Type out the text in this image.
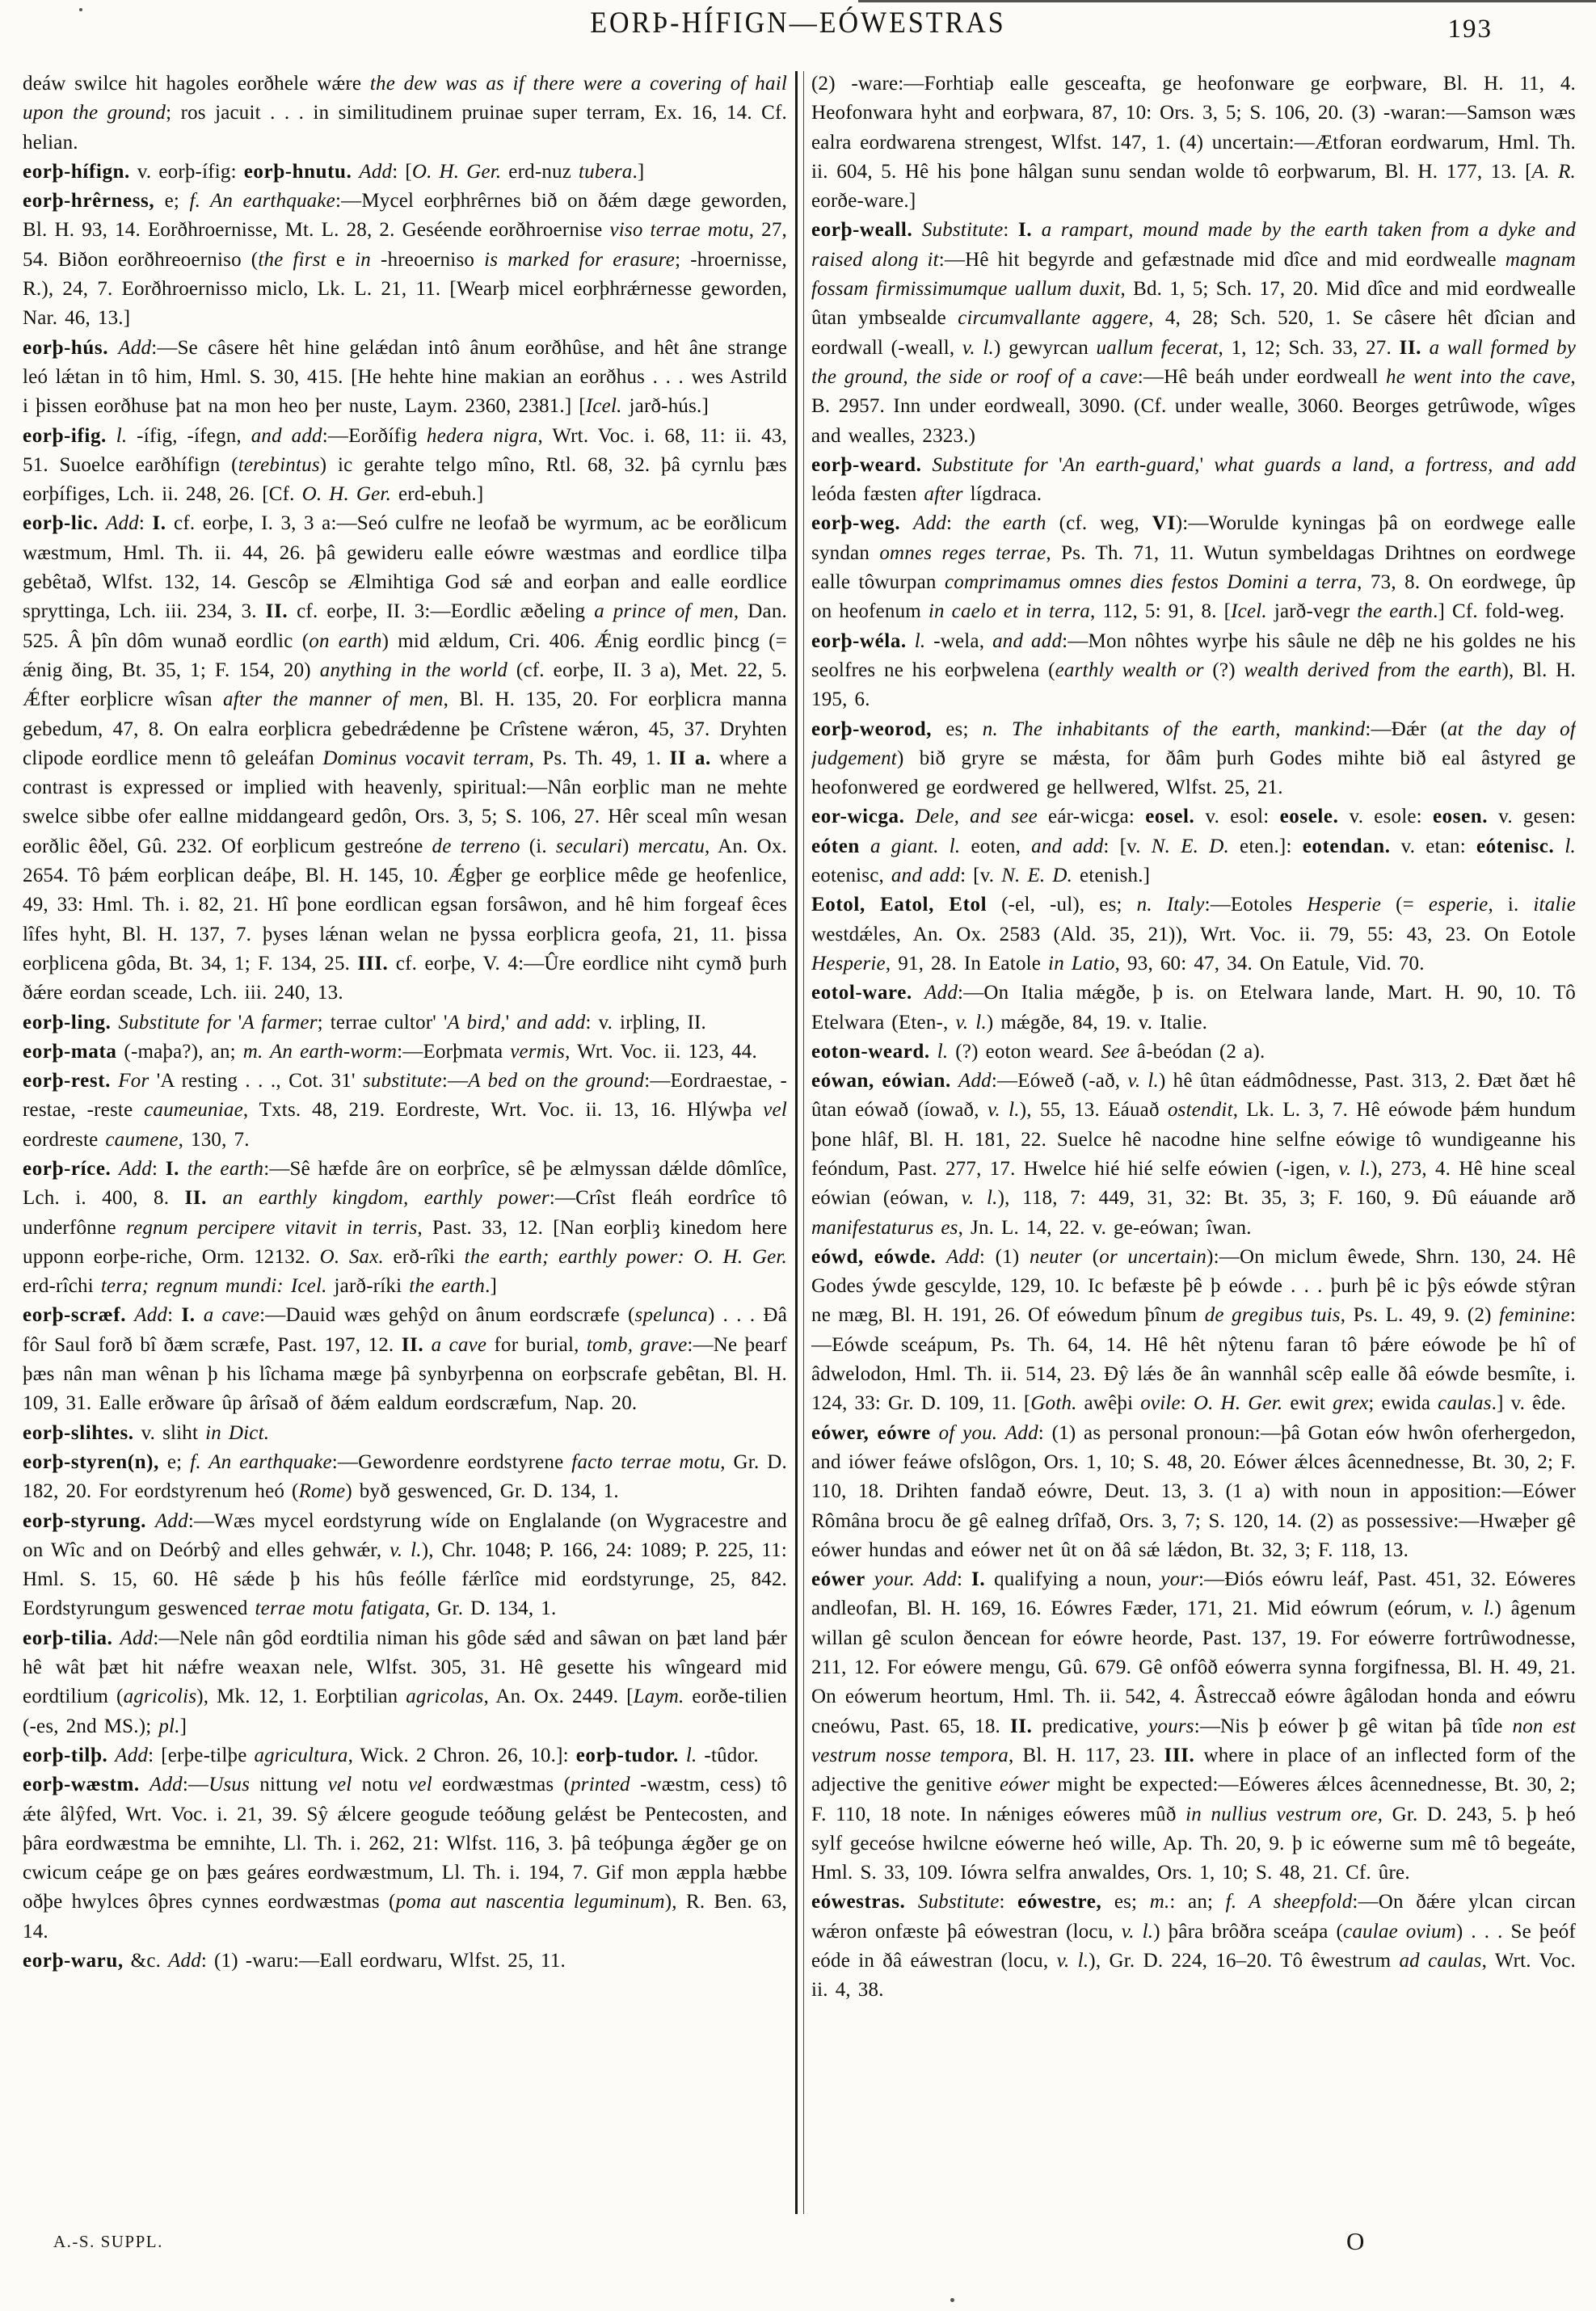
EORÞ-HÍFIGN—EÓWESTRAS	193

deáw swilce hit hagoles eorðhele wǽre the dew was as if there were a covering of hail upon the ground; ros jacuit . . . in similitudinem pruinae super terram, Ex. 16, 14. Cf. helian.

eorþ-hífign. v. eorþ-ífig: eorþ-hnutu. Add: [O. H. Ger. erd-nuz tubera.]

eorþ-hrêrness, e; f. An earthquake:—Mycel eorþhrêrnes bið on ðǽm dæge geworden, Bl. H. 93, 14. Eorðhroernisse, Mt. L. 28, 2. Geséende eorðhroernise viso terrae motu, 27, 54. Biðon eorðhreoerniso (the first e in -hreoerniso is marked for erasure; -hroernisse, R.), 24, 7. Eorðhroernisso miclo, Lk. L. 21, 11. [Wearþ micel eorþhrǽrnesse geworden, Nar. 46, 13.]

eorþ-hús. Add:—Se câsere hêt hine gelǽdan intô ânum eorðhûse, and hêt âne strange leó lǽtan in tô him, Hml. S. 30, 415. [He hehte hine makian an eorðhus . . . wes Astrild i þissen eorðhuse þat na mon heo þer nuste, Laym. 2360, 2381.] [Icel. jarð-hús.]

eorþ-ifig. l. -ífig, -ífegn, and add:—Eorðífig hedera nigra, Wrt. Voc. i. 68, 11: ii. 43, 51. Suoelce earðhífign (terebintus) ic gerahte telgo mîno, Rtl. 68, 32. þâ cyrnlu þæs eorþífiges, Lch. ii. 248, 26. [Cf. O. H. Ger. erd-ebuh.]

eorþ-lic. Add: I. cf. eorþe, I. 3, 3 a:—Seó culfre ne leofað be wyrmum, ac be eorðlicum wæstmum, Hml. Th. ii. 44, 26. þâ gewideru ealle eówre wæstmas and eordlice tilþa gebêtað, Wlfst. 132, 14. Gescôp se Ælmihtiga God sǽ and eorþan and ealle eordlice spryttinga, Lch. iii. 234, 3. II. cf. eorþe, II. 3:—Eordlic æðeling a prince of men, Dan. 525. Â þîn dôm wunað eordlic (on earth) mid ældum, Cri. 406. Ǽnig eordlic þincg (= ǽnig ðing, Bt. 35, 1; F. 154, 20) anything in the world (cf. eorþe, II. 3 a), Met. 22, 5. Ǽfter eorþlicre wîsan after the manner of men, Bl. H. 135, 20. For eorþlicra manna gebedum, 47, 8. On ealra eorþlicra gebedrǽdenne þe Crîstene wǽron, 45, 37. Dryhten clipode eordlice menn tô geleáfan Dominus vocavit terram, Ps. Th. 49, 1. II a. where a contrast is expressed or implied with heavenly, spiritual:—Nân eorþlic man ne mehte swelce sibbe ofer eallne middangeard gedôn, Ors. 3, 5; S. 106, 27. Hêr sceal mîn wesan eorðlic êðel, Gû. 232. Of eorþlicum gestreóne de terreno (i. seculari) mercatu, An. Ox. 2654. Tô þǽm eorþlican deáþe, Bl. H. 145, 10. Ǽgþer ge eorþlice mêde ge heofenlice, 49, 33: Hml. Th. i. 82, 21. Hî þone eordlican egsan forsâwon, and hê him forgeaf êces lîfes hyht, Bl. H. 137, 7. þyses lǽnan welan ne þyssa eorþlicra geofa, 21, 11. þissa eorþlicena gôda, Bt. 34, 1; F. 134, 25. III. cf. eorþe, V. 4:—Ûre eordlice niht cymð þurh ðǽre eordan sceade, Lch. iii. 240, 13.

eorþ-ling. Substitute for 'A farmer; terrae cultor' 'A bird,' and add: v. irþling, II.

eorþ-mata (-maþa?), an; m. An earth-worm:—Eorþmata vermis, Wrt. Voc. ii. 123, 44.

eorþ-rest. For 'A resting . . ., Cot. 31' substitute:—A bed on the ground:—Eordraestae, -restae, -reste caumeuniae, Txts. 48, 219. Eordreste, Wrt. Voc. ii. 13, 16. Hlýwþa vel eordreste caumene, 130, 7.

eorþ-ríce. Add: I. the earth:—Sê hæfde âre on eorþrîce, sê þe ælmyssan dǽlde dômlîce, Lch. i. 400, 8. II. an earthly kingdom, earthly power:—Crîst fleáh eordrîce tô underfônne regnum percipere vitavit in terris, Past. 33, 12. [Nan eorþliȝ kinedom here upponn eorþe-riche, Orm. 12132. O. Sax. erð-rîki the earth; earthly power: O. H. Ger. erd-rîchi terra; regnum mundi: Icel. jarð-ríki the earth.]

eorþ-scræf. Add: I. a cave:—Dauid wæs gehŷd on ânum eordscræfe (spelunca) . . . Ðâ fôr Saul forð bî ðæm scræfe, Past. 197, 12. II. a cave for burial, tomb, grave:—Ne þearf þæs nân man wênan þ his lîchama mæge þâ synbyrþenna on eorþscrafe gebêtan, Bl. H. 109, 31. Ealle erðware ûp ârîsað of ðǽm ealdum eordscræfum, Nap. 20.

eorþ-slihtes. v. sliht in Dict.

eorþ-styren(n), e; f. An earthquake:—Gewordenre eordstyrene facto terrae motu, Gr. D. 182, 20. For eordstyrenum heó (Rome) byð geswenced, Gr. D. 134, 1.

eorþ-styrung. Add:—Wæs mycel eordstyrung wíde on Englalande (on Wygracestre and on Wîc and on Deórbŷ and elles gehwǽr, v. l.), Chr. 1048; P. 166, 24: 1089; P. 225, 11: Hml. S. 15, 60. Hê sǽde þ his hûs feólle fǽrlîce mid eordstyrunge, 25, 842. Eordstyrungum geswenced terrae motu fatigata, Gr. D. 134, 1.

eorþ-tilia. Add:—Nele nân gôd eordtilia niman his gôde sǽd and sâwan on þæt land þǽr hê wât þæt hit nǽfre weaxan nele, Wlfst. 305, 31. Hê gesette his wîngeard mid eordtilium (agricolis), Mk. 12, 1. Eorþtilian agricolas, An. Ox. 2449. [Laym. eorðe-tilien (-es, 2nd MS.); pl.]

eorþ-tilþ. Add: [erþe-tilþe agricultura, Wick. 2 Chron. 26, 10.]: eorþ-tudor. l. -tûdor.

eorþ-wæstm. Add:—Usus nittung vel notu vel eordwæstmas (printed -wæstm, cess) tô ǽte âlŷfed, Wrt. Voc. i. 21, 39. Sŷ ǽlcere geogude teóðung gelǽst be Pentecosten, and þâra eordwæstma be emnihte, Ll. Th. i. 262, 21: Wlfst. 116, 3. þâ teóþunga ǽgðer ge on cwicum ceápe ge on þæs geáres eordwæstmum, Ll. Th. i. 194, 7. Gif mon æppla hæbbe oðþe hwylces ôþres cynnes eordwæstmas (poma aut nascentia leguminum), R. Ben. 63, 14.

eorþ-waru, &c. Add: (1) -waru:—Eall eordwaru, Wlfst. 25, 11.

(2) -ware:—Forhtiaþ ealle gesceafta, ge heofonware ge eorþware, Bl. H. 11, 4. Heofonwara hyht and eorþwara, 87, 10: Ors. 3, 5; S. 106, 20. (3) -waran:—Samson wæs ealra eordwarena strengest, Wlfst. 147, 1. (4) uncertain:—Ætforan eordwarum, Hml. Th. ii. 604, 5. Hê his þone hâlgan sunu sendan wolde tô eorþwarum, Bl. H. 177, 13. [A. R. eorðe-ware.]

eorþ-weall. Substitute: I. a rampart, mound made by the earth taken from a dyke and raised along it:—Hê hit begyrde and gefæstnade mid dîce and mid eordwealle magnam fossam firmissimumque uallum duxit, Bd. 1, 5; Sch. 17, 20. Mid dîce and mid eordwealle ûtan ymbsealde circumvallante aggere, 4, 28; Sch. 520, 1. Se câsere hêt dîcian and eordwall (-weall, v. l.) gewyrcan uallum fecerat, 1, 12; Sch. 33, 27. II. a wall formed by the ground, the side or roof of a cave:—Hê beáh under eordweall he went into the cave, B. 2957. Inn under eordweall, 3090. (Cf. under wealle, 3060. Beorges getrûwode, wîges and wealles, 2323.)

eorþ-weard. Substitute for 'An earth-guard,' what guards a land, a fortress, and add leóda fæsten after lígdraca.

eorþ-weg. Add: the earth (cf. weg, VI):—Worulde kyningas þâ on eordwege ealle syndan omnes reges terrae, Ps. Th. 71, 11. Wutun symbeldagas Drihtnes on eordwege ealle tôwurpan comprimamus omnes dies festos Domini a terra, 73, 8. On eordwege, ûp on heofenum in caelo et in terra, 112, 5: 91, 8. [Icel. jarð-vegr the earth.] Cf. fold-weg.

eorþ-wéla. l. -wela, and add:—Mon nôhtes wyrþe his sâule ne dêþ ne his goldes ne his seolfres ne his eorþwelena (earthly wealth or (?) wealth derived from the earth), Bl. H. 195, 6.

eorþ-weorod, es; n. The inhabitants of the earth, mankind:—Ðǽr (at the day of judgement) bið gryre se mǽsta, for ðâm þurh Godes mihte bið eal âstyred ge heofonwered ge eordwered ge hellwered, Wlfst. 25, 21.

eor-wicga. Dele, and see eár-wicga: eosel. v. esol: eosele. v. esole: eosen. v. gesen: eóten a giant. l. eoten, and add: [v. N. E. D. eten.]: eotendan. v. etan: eótenisc. l. eotenisc, and add: [v. N. E. D. etenish.]

Eotol, Eatol, Etol (-el, -ul), es; n. Italy:—Eotoles Hesperie (= esperie, i. italie westdǽles, An. Ox. 2583 (Ald. 35, 21)), Wrt. Voc. ii. 79, 55: 43, 23. On Eotole Hesperie, 91, 28. In Eatole in Latio, 93, 60: 47, 34. On Eatule, Vid. 70.

eotol-ware. Add:—On Italia mǽgðe, þ is. on Etelwara lande, Mart. H. 90, 10. Tô Etelwara (Eten-, v. l.) mǽgðe, 84, 19. v. Italie.

eoton-weard. l. (?) eoton weard. See â-beódan (2 a).

eówan, eówian. Add:—Eóweð (-að, v. l.) hê ûtan eádmôdnesse, Past. 313, 2. Ðæt ðæt hê ûtan eówað (íowað, v. l.), 55, 13. Eáuað ostendit, Lk. L. 3, 7. Hê eówode þǽm hundum þone hlâf, Bl. H. 181, 22. Suelce hê nacodne hine selfne eówige tô wundigeanne his feóndum, Past. 277, 17. Hwelce hié hié selfe eówien (-igen, v. l.), 273, 4. Hê hine sceal eówian (eówan, v. l.), 118, 7: 449, 31, 32: Bt. 35, 3; F. 160, 9. Ðû eáuande arð manifestaturus es, Jn. L. 14, 22. v. ge-eówan; îwan.

eówd, eówde. Add: (1) neuter (or uncertain):—On miclum êwede, Shrn. 130, 24. Hê Godes ýwde gescylde, 129, 10. Ic befæste þê þ eówde . . . þurh þê ic þŷs eówde stŷran ne mæg, Bl. H. 191, 26. Of eówedum þînum de gregibus tuis, Ps. L. 49, 9. (2) feminine:—Eówde sceápum, Ps. Th. 64, 14. Hê hêt nŷtenu faran tô þǽre eówode þe hî of âdwelodon, Hml. Th. ii. 514, 23. Ðŷ lǽs ðe ân wannhâl scêp ealle ðâ eówde besmîte, i. 124, 33: Gr. D. 109, 11. [Goth. awêþi ovile: O. H. Ger. ewit grex; ewida caulas.] v. êde.

eówer, eówre of you. Add: (1) as personal pronoun:—þâ Gotan eów hwôn oferhergedon, and iówer feáwe ofslôgon, Ors. 1, 10; S. 48, 20. Eówer ǽlces âcennednesse, Bt. 30, 2; F. 110, 18. Drihten fandað eówre, Deut. 13, 3. (1 a) with noun in apposition:—Eówer Rômâna brocu ðe gê ealneg drîfað, Ors. 3, 7; S. 120, 14. (2) as possessive:—Hwæþer gê eówer hundas and eówer net ût on ðâ sǽ lǽdon, Bt. 32, 3; F. 118, 13.

eówer your. Add: I. qualifying a noun, your:—Ðiós eówru leáf, Past. 451, 32. Eóweres andleofan, Bl. H. 169, 16. Eówres Fæder, 171, 21. Mid eówrum (eórum, v. l.) âgenum willan gê sculon ðencean for eówre heorde, Past. 137, 19. For eówerre fortrûwodnesse, 211, 12. For eówere mengu, Gû. 679. Gê onfôð eówerra synna forgifnessa, Bl. H. 49, 21. On eówerum heortum, Hml. Th. ii. 542, 4. Âstreccað eówre âgâlodan honda and eówru cneówu, Past. 65, 18. II. predicative, yours:—Nis þ eówer þ gê witan þâ tîde non est vestrum nosse tempora, Bl. H. 117, 23. III. where in place of an inflected form of the adjective the genitive eówer might be expected:—Eóweres ǽlces âcennednesse, Bt. 30, 2; F. 110, 18 note. In nǽniges eóweres mûð in nullius vestrum ore, Gr. D. 243, 5. þ heó sylf geceóse hwilcne eówerne heó wille, Ap. Th. 20, 9. þ ic eówerne sum mê tô begeáte, Hml. S. 33, 109. Iówra selfra anwaldes, Ors. 1, 10; S. 48, 21. Cf. ûre.

eówestras. Substitute: eówestre, es; m.: an; f. A sheepfold:—On ðǽre ylcan circan wǽron onfæste þâ eówestran (locu, v. l.) þâra brôðra sceápa (caulae ovium) . . . Se þeóf eóde in ðâ eáwestran (locu, v. l.), Gr. D. 224, 16–20. Tô êwestrum ad caulas, Wrt. Voc. ii. 4, 38.

A.-S. SUPPL.	O
